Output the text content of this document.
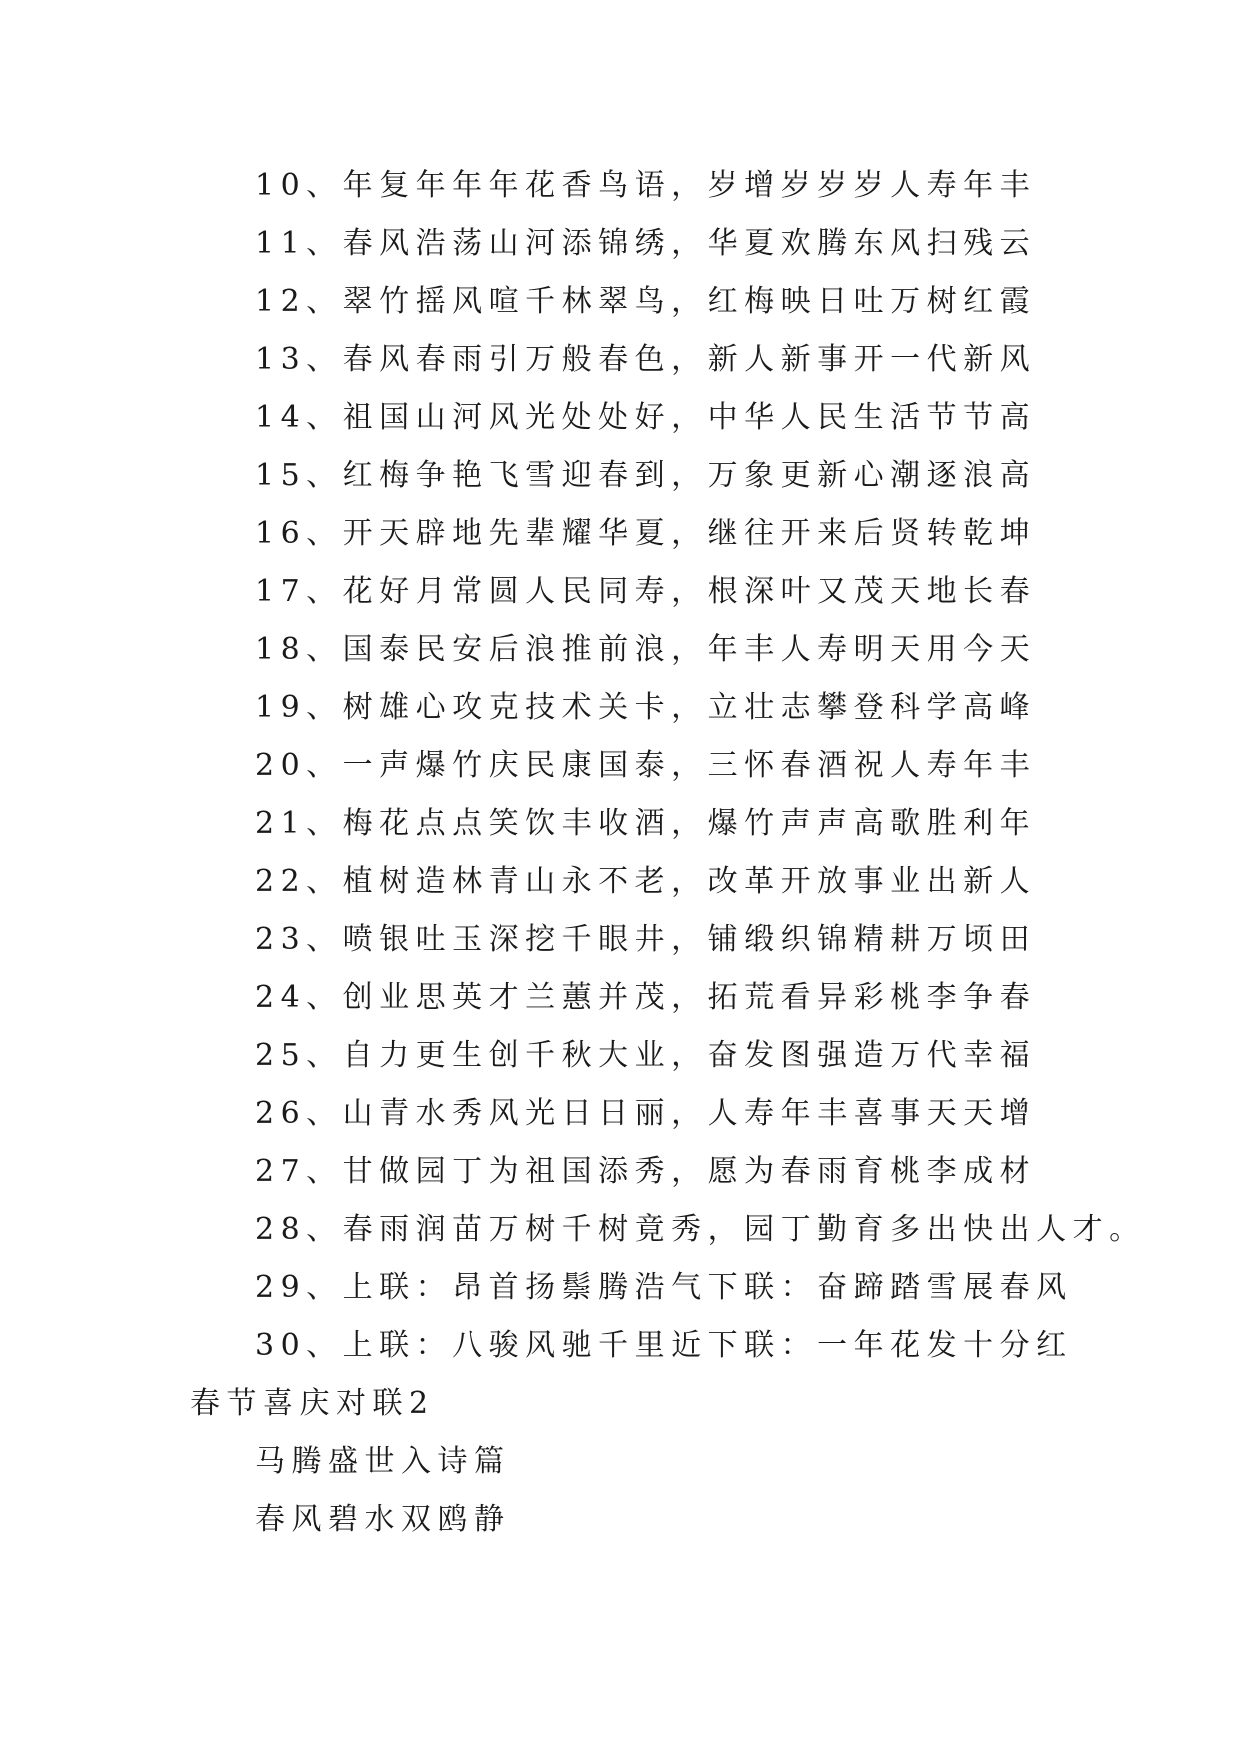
10、年复年年年花香鸟语，岁增岁岁岁人寿年丰
11、春风浩荡山河添锦绣，华夏欢腾东风扫残云
12、翠竹摇风喧千林翠鸟，红梅映日吐万树红霞
13、春风春雨引万般春色，新人新事开一代新风
14、祖国山河风光处处好，中华人民生活节节高
15、红梅争艳飞雪迎春到，万象更新心潮逐浪高
16、开天辟地先辈耀华夏，继往开来后贤转乾坤
17、花好月常圆人民同寿，根深叶又茂天地长春
18、国泰民安后浪推前浪，年丰人寿明天用今天
19、树雄心攻克技术关卡，立壮志攀登科学高峰
20、一声爆竹庆民康国泰，三怀春酒祝人寿年丰
21、梅花点点笑饮丰收酒，爆竹声声高歌胜利年
22、植树造林青山永不老，改革开放事业出新人
23、喷银吐玉深挖千眼井，铺缎织锦精耕万顷田
24、创业思英才兰蕙并茂，拓荒看异彩桃李争春
25、自力更生创千秋大业，奋发图强造万代幸福
26、山青水秀风光日日丽，人寿年丰喜事天天增
27、甘做园丁为祖国添秀，愿为春雨育桃李成材
28、春雨润苗万树千树竟秀，园丁勤育多出快出人才。
29、上联：昂首扬鬃腾浩气下联：奋蹄踏雪展春风
30、上联：八骏风驰千里近下联：一年花发十分红
春节喜庆对联2
马腾盛世入诗篇
春风碧水双鸥静
